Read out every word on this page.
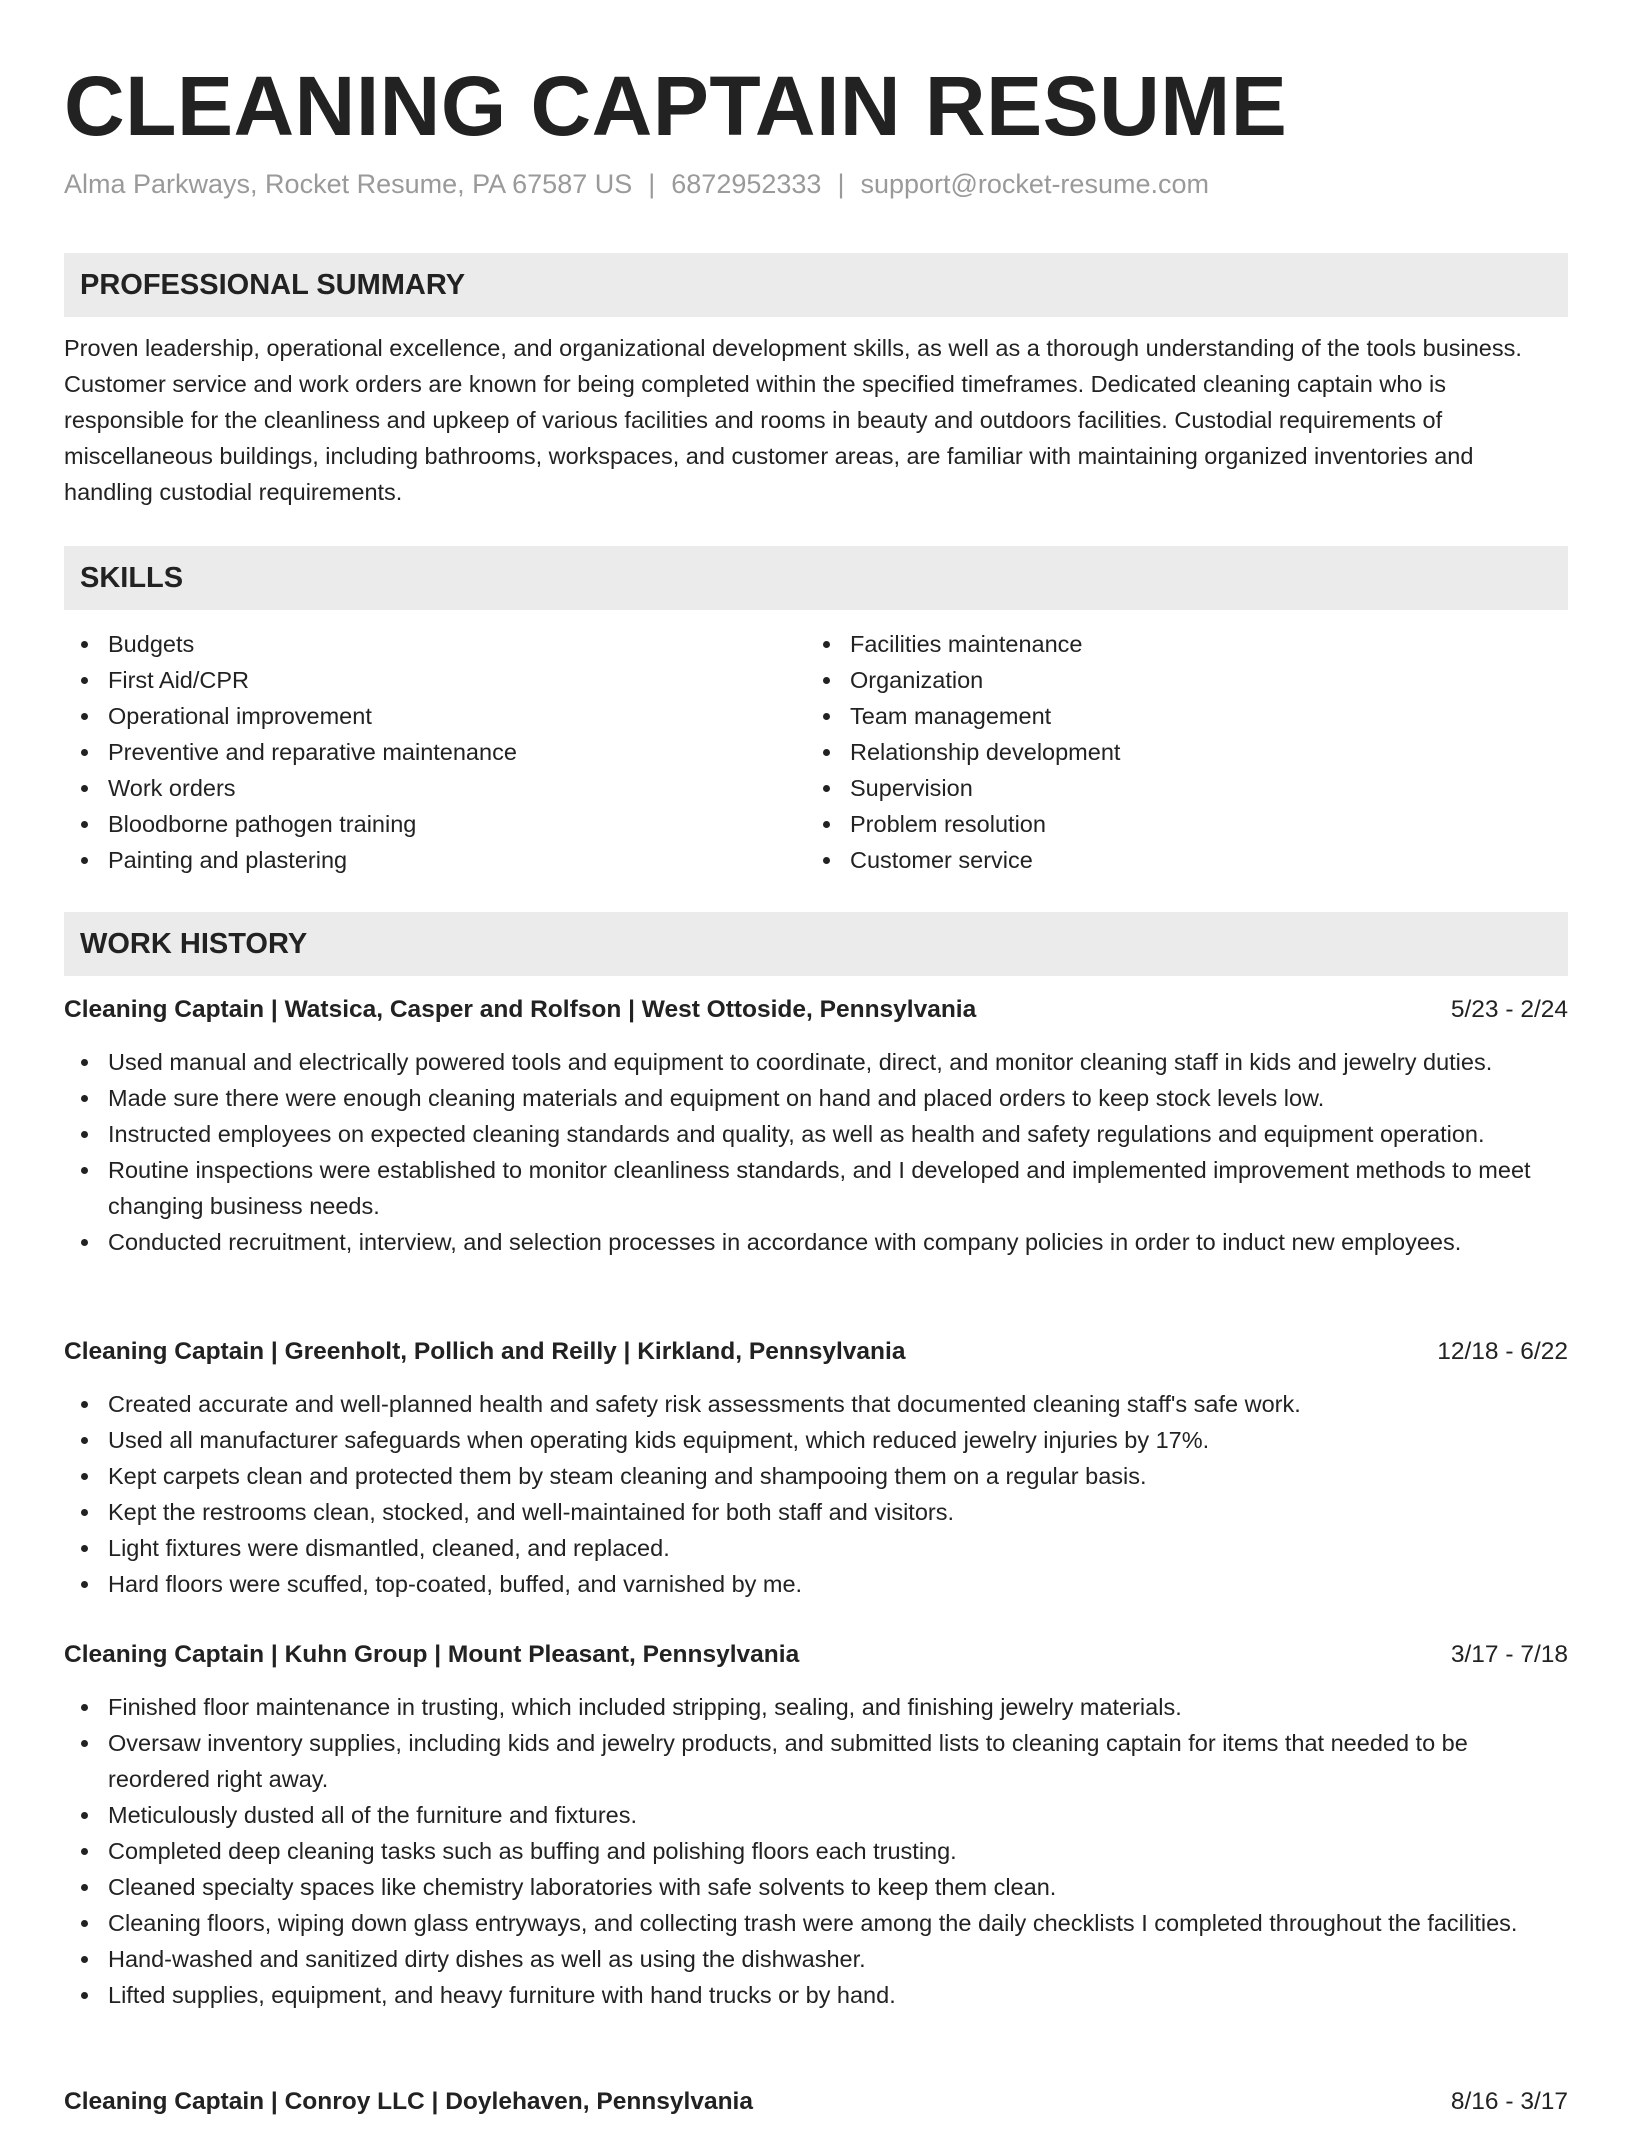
CLEANING CAPTAIN RESUME
Alma Parkways, Rocket Resume, PA 67587 US | 6872952333 | support@rocket-resume.com
PROFESSIONAL SUMMARY

Proven leadership, operational excellence, and organizational development skills, as well as a thorough understanding of the tools business. Customer service and work orders are known for being completed within the specified timeframes. Dedicated cleaning captain who is responsible for the cleanliness and upkeep of various facilities and rooms in beauty and outdoors facilities. Custodial requirements of miscellaneous buildings, including bathrooms, workspaces, and customer areas, are familiar with maintaining organized inventories and handling custodial requirements.

SKILLS
Budgets
First Aid/CPR
Operational improvement
Preventive and reparative maintenance
Work orders
Bloodborne pathogen training
Painting and plastering
Facilities maintenance
Organization
Team management
Relationship development
Supervision
Problem resolution
Customer service
WORK HISTORY
Cleaning Captain | Watsica, Casper and Rolfson | West Ottoside, Pennsylvania	5/23 - 2/24
Used manual and electrically powered tools and equipment to coordinate, direct, and monitor cleaning staff in kids and jewelry duties.
Made sure there were enough cleaning materials and equipment on hand and placed orders to keep stock levels low.
Instructed employees on expected cleaning standards and quality, as well as health and safety regulations and equipment operation.
Routine inspections were established to monitor cleanliness standards, and I developed and implemented improvement methods to meet changing business needs.
Conducted recruitment, interview, and selection processes in accordance with company policies in order to induct new employees.
Cleaning Captain | Greenholt, Pollich and Reilly | Kirkland, Pennsylvania	12/18 - 6/22
Created accurate and well-planned health and safety risk assessments that documented cleaning staff's safe work.
Used all manufacturer safeguards when operating kids equipment, which reduced jewelry injuries by 17%.
Kept carpets clean and protected them by steam cleaning and shampooing them on a regular basis.
Kept the restrooms clean, stocked, and well-maintained for both staff and visitors.
Light fixtures were dismantled, cleaned, and replaced.
Hard floors were scuffed, top-coated, buffed, and varnished by me.
Cleaning Captain | Kuhn Group | Mount Pleasant, Pennsylvania	3/17 - 7/18
Finished floor maintenance in trusting, which included stripping, sealing, and finishing jewelry materials.
Oversaw inventory supplies, including kids and jewelry products, and submitted lists to cleaning captain for items that needed to be reordered right away.
Meticulously dusted all of the furniture and fixtures.
Completed deep cleaning tasks such as buffing and polishing floors each trusting.
Cleaned specialty spaces like chemistry laboratories with safe solvents to keep them clean.
Cleaning floors, wiping down glass entryways, and collecting trash were among the daily checklists I completed throughout the facilities.
Hand-washed and sanitized dirty dishes as well as using the dishwasher.
Lifted supplies, equipment, and heavy furniture with hand trucks or by hand.
Cleaning Captain | Conroy LLC | Doylehaven, Pennsylvania	8/16 - 3/17
